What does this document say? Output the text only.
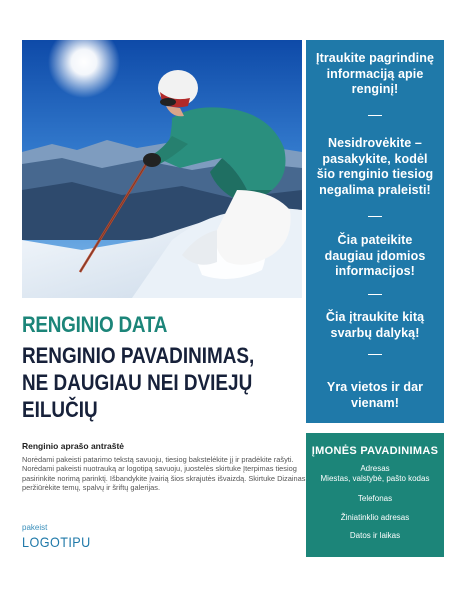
Įtraukite pagrindinę informaciją apie renginį!
Nesidrovėkite – pasakykite, kodėl šio renginio tiesiog negalima praleisti!
Čia pateikite daugiau įdomios informacijos!
Čia įtraukite kitą svarbų dalyką!
Yra vietos ir dar vienam!
ĮMONĖS PAVADINIMAS
Adresas
Miestas, valstybė, pašto kodas
Telefonas
Žiniatinklio adresas
Datos ir laikas
RENGINIO DATA
RENGINIO PAVADINIMAS,
NE DAUGIAU NEI DVIEJŲ
EILUČIŲ
Renginio aprašo antraštė
Norėdami pakeisti patarimo tekstą savuoju, tiesiog bakstelėkite jį ir pradėkite rašyti. Norėdami pakeisti nuotrauką ar logotipą savuoju, juostelės skirtuke Įterpimas tiesiog pasirinkite norimą parinktį. Išbandykite įvairią šios skrajutės išvaizdą. Skirtuke Dizainas peržiūrėkite temų, spalvų ir šriftų galerijas.
pakeist
LOGOTIPU
